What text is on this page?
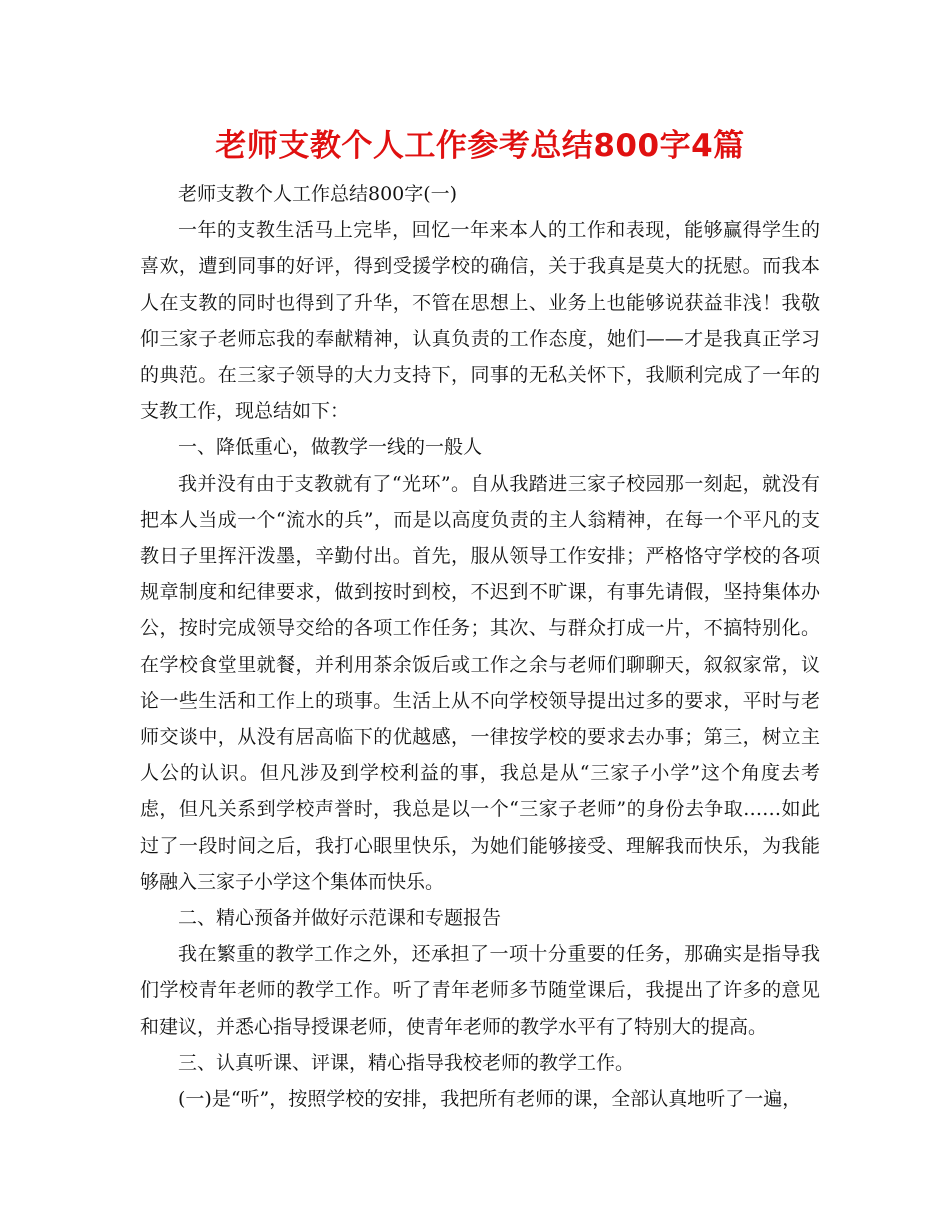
老师支教个人工作参考总结800字4篇

老师支教个人工作总结800字(一)

一年的支教生活马上完毕，回忆一年来本人的工作和表现，能够赢得学生的喜欢，遭到同事的好评，得到受援学校的确信，关于我真是莫大的抚慰。而我本人在支教的同时也得到了升华，不管在思想上、业务上也能够说获益非浅！我敬仰三家子老师忘我的奉献精神，认真负责的工作态度，她们——才是我真正学习的典范。在三家子领导的大力支持下，同事的无私关怀下，我顺利完成了一年的支教工作，现总结如下：

一、降低重心，做教学一线的一般人

我并没有由于支教就有了“光环”。自从我踏进三家子校园那一刻起，就没有把本人当成一个“流水的兵”，而是以高度负责的主人翁精神，在每一个平凡的支教日子里挥汗泼墨，辛勤付出。首先，服从领导工作安排；严格恪守学校的各项规章制度和纪律要求，做到按时到校，不迟到不旷课，有事先请假，坚持集体办公，按时完成领导交给的各项工作任务；其次、与群众打成一片，不搞特别化。在学校食堂里就餐，并利用茶余饭后或工作之余与老师们聊聊天，叙叙家常，议论一些生活和工作上的琐事。生活上从不向学校领导提出过多的要求，平时与老师交谈中，从没有居高临下的优越感，一律按学校的要求去办事；第三，树立主人公的认识。但凡涉及到学校利益的事，我总是从“三家子小学”这个角度去考虑，但凡关系到学校声誉时，我总是以一个“三家子老师”的身份去争取……如此过了一段时间之后，我打心眼里快乐，为她们能够接受、理解我而快乐，为我能够融入三家子小学这个集体而快乐。

二、精心预备并做好示范课和专题报告

我在繁重的教学工作之外，还承担了一项十分重要的任务，那确实是指导我们学校青年老师的教学工作。听了青年老师多节随堂课后，我提出了许多的意见和建议，并悉心指导授课老师，使青年老师的教学水平有了特别大的提高。

三、认真听课、评课，精心指导我校老师的教学工作。

(一)是“听”，按照学校的安排，我把所有老师的课，全部认真地听了一遍，
